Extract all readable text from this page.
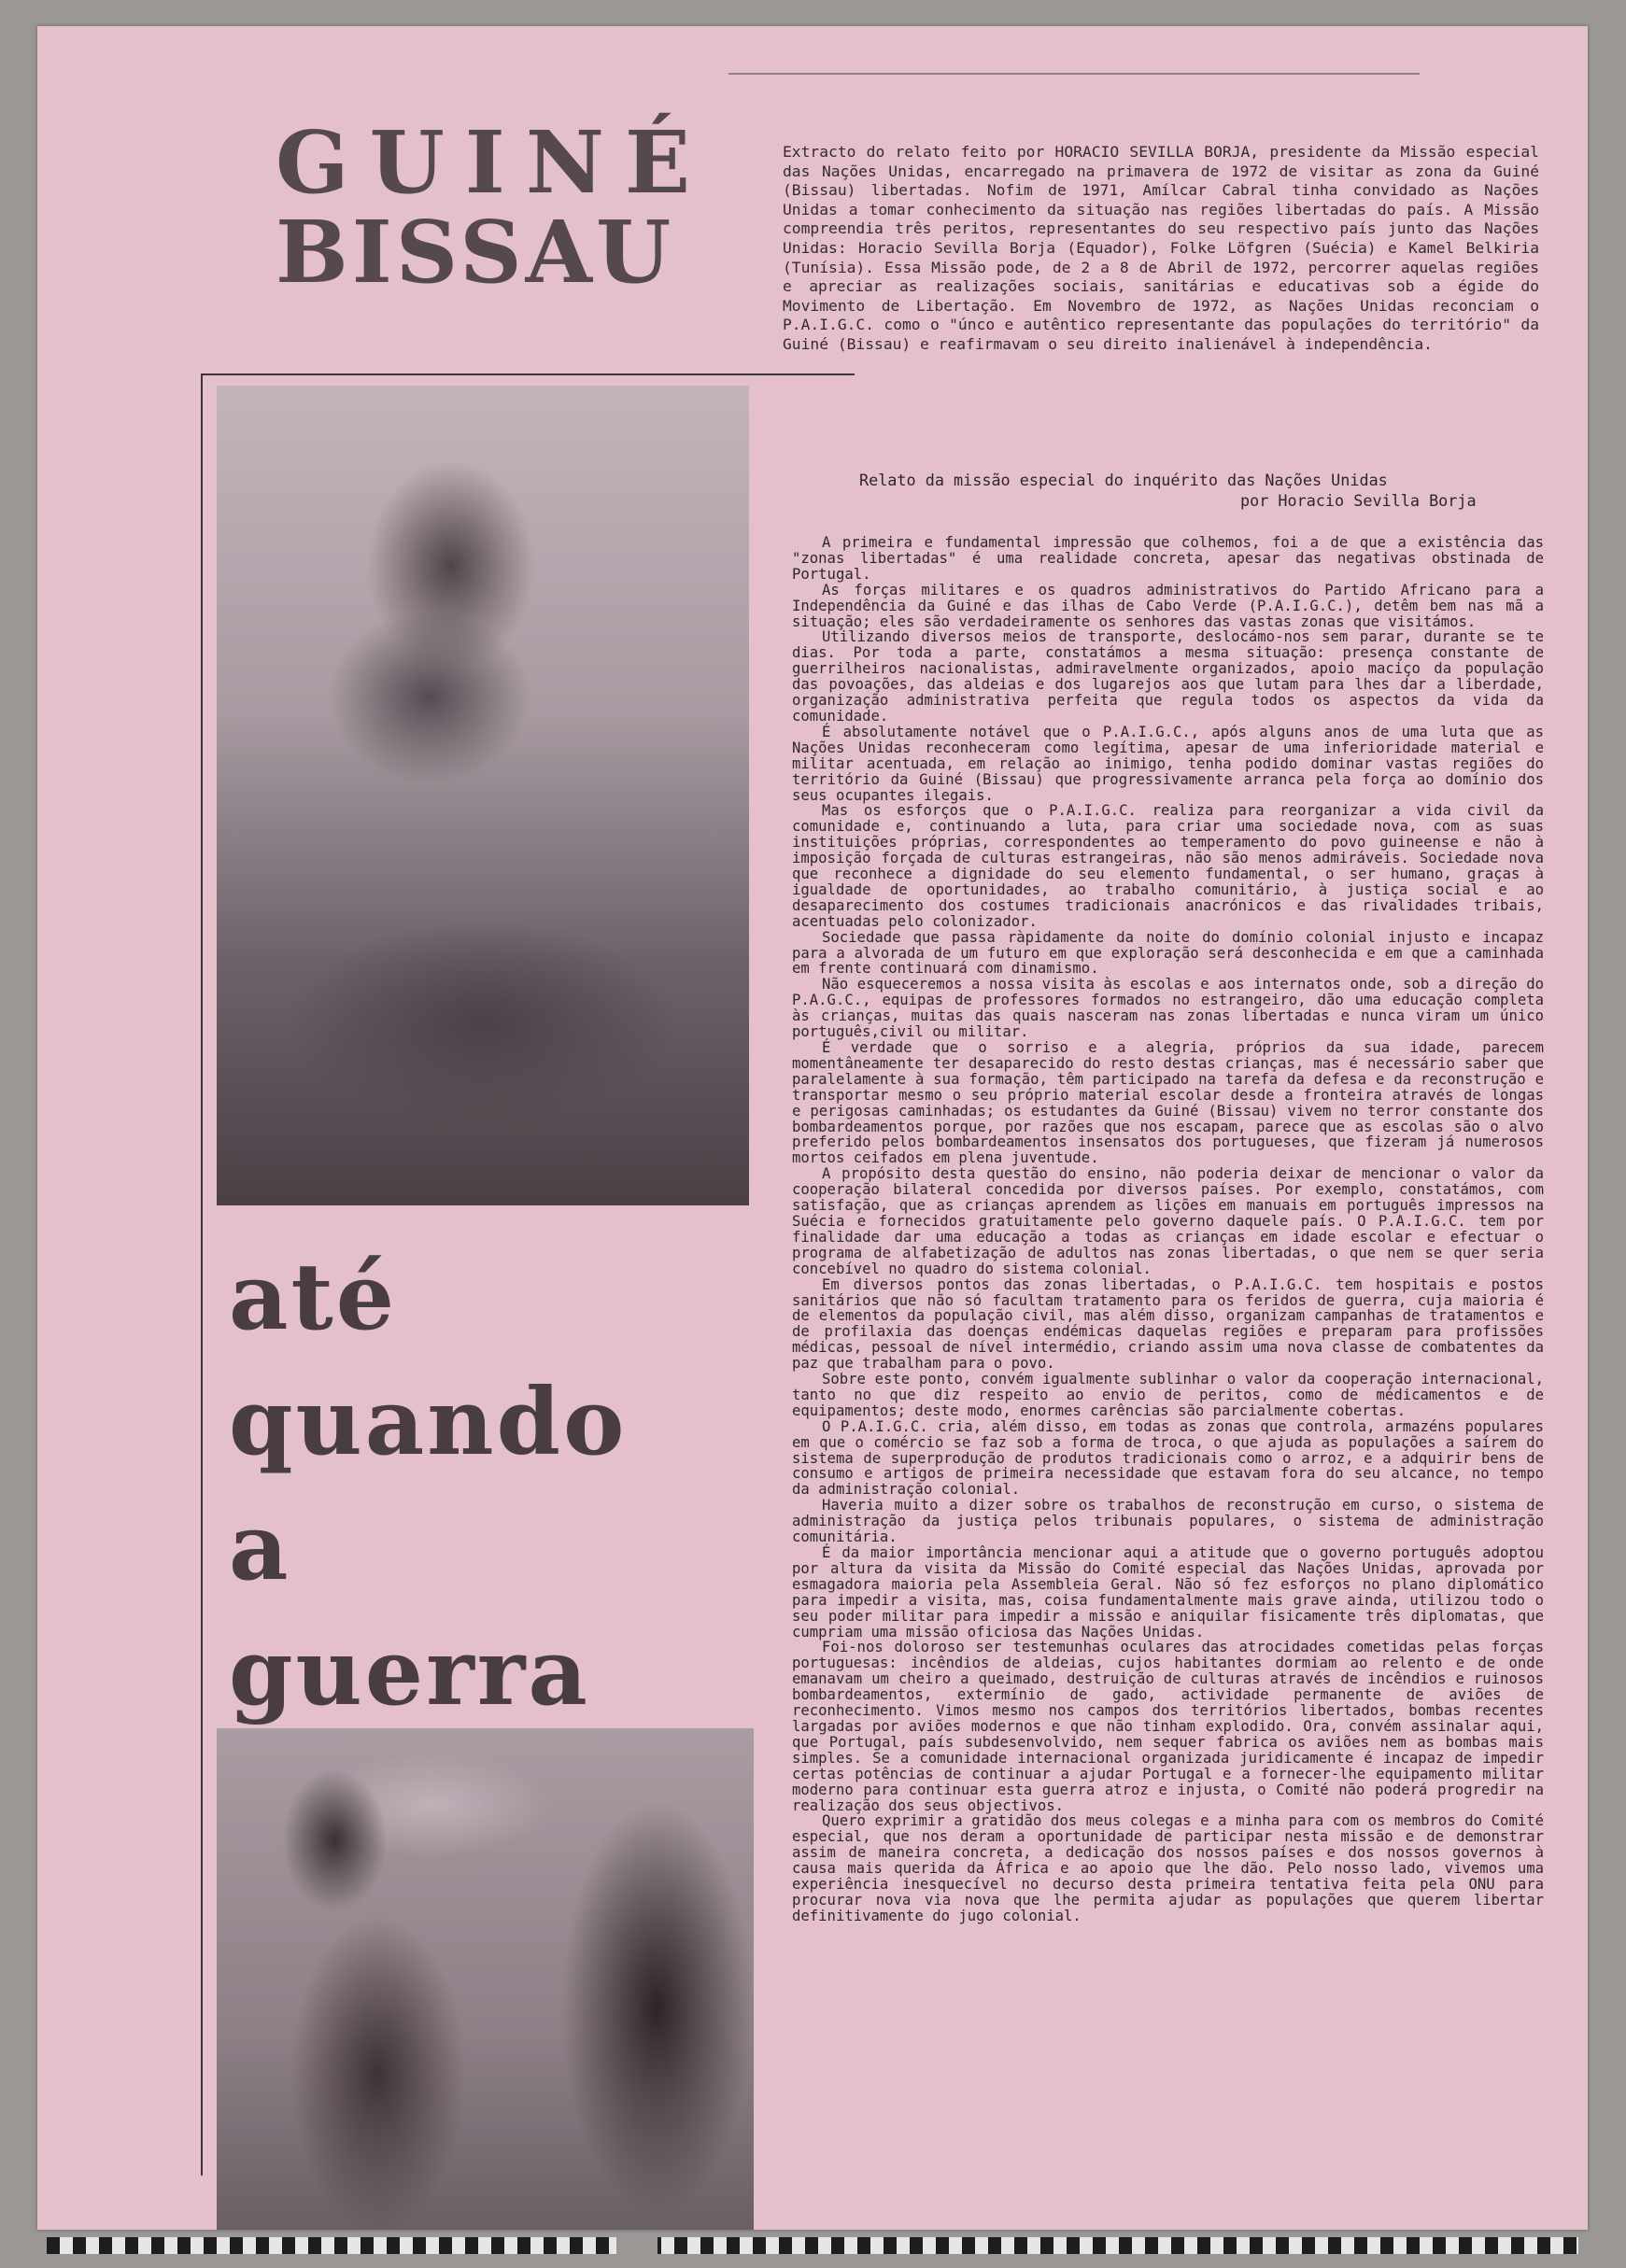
GUINÉ
BISSAU

Extracto do relato feito por HORACIO SEVILLA BORJA, presidente da Missão especial das Nações Unidas, encarregado na primavera de 1972 de visitar as zona da Guiné (Bissau) libertadas. Nofim de 1971, Amílcar Cabral tinha convidado as Nações Unidas a tomar conhecimento da situação nas regiões libertadas do país. A Missão compreendia três peritos, representantes do seu respectivo país junto das Nações Unidas: Horacio Sevilla Borja (Equador), Folke Löfgren (Suécia) e Kamel Belkiria (Tunísia). Essa Missão pode, de 2 a 8 de Abril de 1972, percorrer aquelas regiões e apreciar as realizações sociais, sanitárias e educativas sob a égide do Movimento de Libertação. Em Novembro de 1972, as Nações Unidas reconciam o P.A.I.G.C. como o "únco e autêntico representante das populações do território" da Guiné (Bissau) e reafirmavam o seu direito inalienável à independência.

até
quando
a
guerra
Relato da missão especial do inquérito das Nações Unidas
por Horacio Sevilla Borja

A primeira e fundamental impressão que colhemos, foi a de que a existência das "zonas libertadas" é uma realidade concreta, apesar das negativas obstinada de Portugal.

As forças militares e os quadros administrativos do Partido Africano para a Independência da Guiné e das ilhas de Cabo Verde (P.A.I.G.C.), detêm bem nas mã a situação; eles são verdadeiramente os senhores das vastas zonas que visitámos.

Utilizando diversos meios de transporte, deslocámo-nos sem parar, durante se te dias. Por toda a parte, constatámos a mesma situação: presença constante de guerrilheiros nacionalistas, admiravelmente organizados, apoio maciço da população das povoações, das aldeias e dos lugarejos aos que lutam para lhes dar a liberdade, organização administrativa perfeita que regula todos os aspectos da vida da comunidade.

É absolutamente notável que o P.A.I.G.C., após alguns anos de uma luta que as Nações Unidas reconheceram como legítima, apesar de uma inferioridade material e militar acentuada, em relação ao inimigo, tenha podido dominar vastas regiões do território da Guiné (Bissau) que progressivamente arranca pela força ao domínio dos seus ocupantes ilegais.

Mas os esforços que o P.A.I.G.C. realiza para reorganizar a vida civil da comunidade e, continuando a luta, para criar uma sociedade nova, com as suas instituições próprias, correspondentes ao temperamento do povo guineense e não à imposição forçada de culturas estrangeiras, não são menos admiráveis. Sociedade nova que reconhece a dignidade do seu elemento fundamental, o ser humano, graças à igualdade de oportunidades, ao trabalho comunitário, à justiça social e ao desaparecimento dos costumes tradicionais anacrónicos e das rivalidades tribais, acentuadas pelo colonizador.

Sociedade que passa ràpidamente da noite do domínio colonial injusto e incapaz para a alvorada de um futuro em que exploração será desconhecida e em que a caminhada em frente continuará com dinamismo.

Não esqueceremos a nossa visita às escolas e aos internatos onde, sob a direção do P.A.G.C., equipas de professores formados no estrangeiro, dão uma educação completa às crianças, muitas das quais nasceram nas zonas libertadas e nunca viram um único português,civil ou militar.

É verdade que o sorriso e a alegria, próprios da sua idade, parecem momentâneamente ter desaparecido do resto destas crianças, mas é necessário saber que paralelamente à sua formação, têm participado na tarefa da defesa e da reconstrução e transportar mesmo o seu próprio material escolar desde a fronteira através de longas e perigosas caminhadas; os estudantes da Guiné (Bissau) vivem no terror constante dos bombardeamentos porque, por razões que nos escapam, parece que as escolas são o alvo preferido pelos bombardeamentos insensatos dos portugueses, que fizeram já numerosos mortos ceifados em plena juventude.

A propósito desta questão do ensino, não poderia deixar de mencionar o valor da cooperação bilateral concedida por diversos países. Por exemplo, constatámos, com satisfação, que as crianças aprendem as lições em manuais em português impressos na Suécia e fornecidos gratuitamente pelo governo daquele país. O P.A.I.G.C. tem por finalidade dar uma educação a todas as crianças em idade escolar e efectuar o programa de alfabetização de adultos nas zonas libertadas, o que nem se quer seria concebível no quadro do sistema colonial.

Em diversos pontos das zonas libertadas, o P.A.I.G.C. tem hospitais e postos sanitários que não só facultam tratamento para os feridos de guerra, cuja maioria é de elementos da população civil, mas além disso, organizam campanhas de tratamentos e de profilaxia das doenças endémicas daquelas regiões e preparam para profissões médicas, pessoal de nível intermédio, criando assim uma nova classe de combatentes da paz que trabalham para o povo.

Sobre este ponto, convém igualmente sublinhar o valor da cooperação internacional, tanto no que diz respeito ao envio de peritos, como de médicamentos e de equipamentos; deste modo, enormes carências são parcialmente cobertas.

O P.A.I.G.C. cria, além disso, em todas as zonas que controla, armazéns populares em que o comércio se faz sob a forma de troca, o que ajuda as populações a saírem do sistema de superprodução de produtos tradicionais como o arroz, e a adquirir bens de consumo e artigos de primeira necessidade que estavam fora do seu alcance, no tempo da administração colonial.

Haveria muito a dizer sobre os trabalhos de reconstrução em curso, o sistema de administração da justiça pelos tribunais populares, o sistema de administração comunitária.

É da maior importância mencionar aqui a atitude que o governo português adoptou por altura da visita da Missão do Comité especial das Nações Unidas, aprovada por esmagadora maioria pela Assembleia Geral. Não só fez esforços no plano diplomático para impedir a visita, mas, coisa fundamentalmente mais grave ainda, utilizou todo o seu poder militar para impedir a missão e aniquilar fisicamente três diplomatas, que cumpriam uma missão oficiosa das Nações Unidas.

Foi-nos doloroso ser testemunhas oculares das atrocidades cometidas pelas forças portuguesas: incêndios de aldeias, cujos habitantes dormiam ao relento e de onde emanavam um cheiro a queimado, destruição de culturas através de incêndios e ruinosos bombardeamentos, extermínio de gado, actividade permanente de aviões de reconhecimento. Vimos mesmo nos campos dos territórios libertados, bombas recentes largadas por aviões modernos e que não tinham explodido. Ora, convém assinalar aqui, que Portugal, país subdesenvolvido, nem sequer fabrica os aviões nem as bombas mais simples. Se a comunidade internacional organizada juridicamente é incapaz de impedir certas potências de continuar a ajudar Portugal e a fornecer-lhe equipamento militar moderno para continuar esta guerra atroz e injusta, o Comité não poderá progredir na realização dos seus objectivos.

Quero exprimir a gratidão dos meus colegas e a minha para com os membros do Comité especial, que nos deram a oportunidade de participar nesta missão e de demonstrar assim de maneira concreta, a dedicação dos nossos países e dos nossos governos à causa mais querida da África e ao apoio que lhe dão. Pelo nosso lado, vivemos uma experiência inesquecível no decurso desta primeira tentativa feita pela ONU para procurar nova via nova que lhe permita ajudar as populações que querem libertar definitivamente do jugo colonial.
